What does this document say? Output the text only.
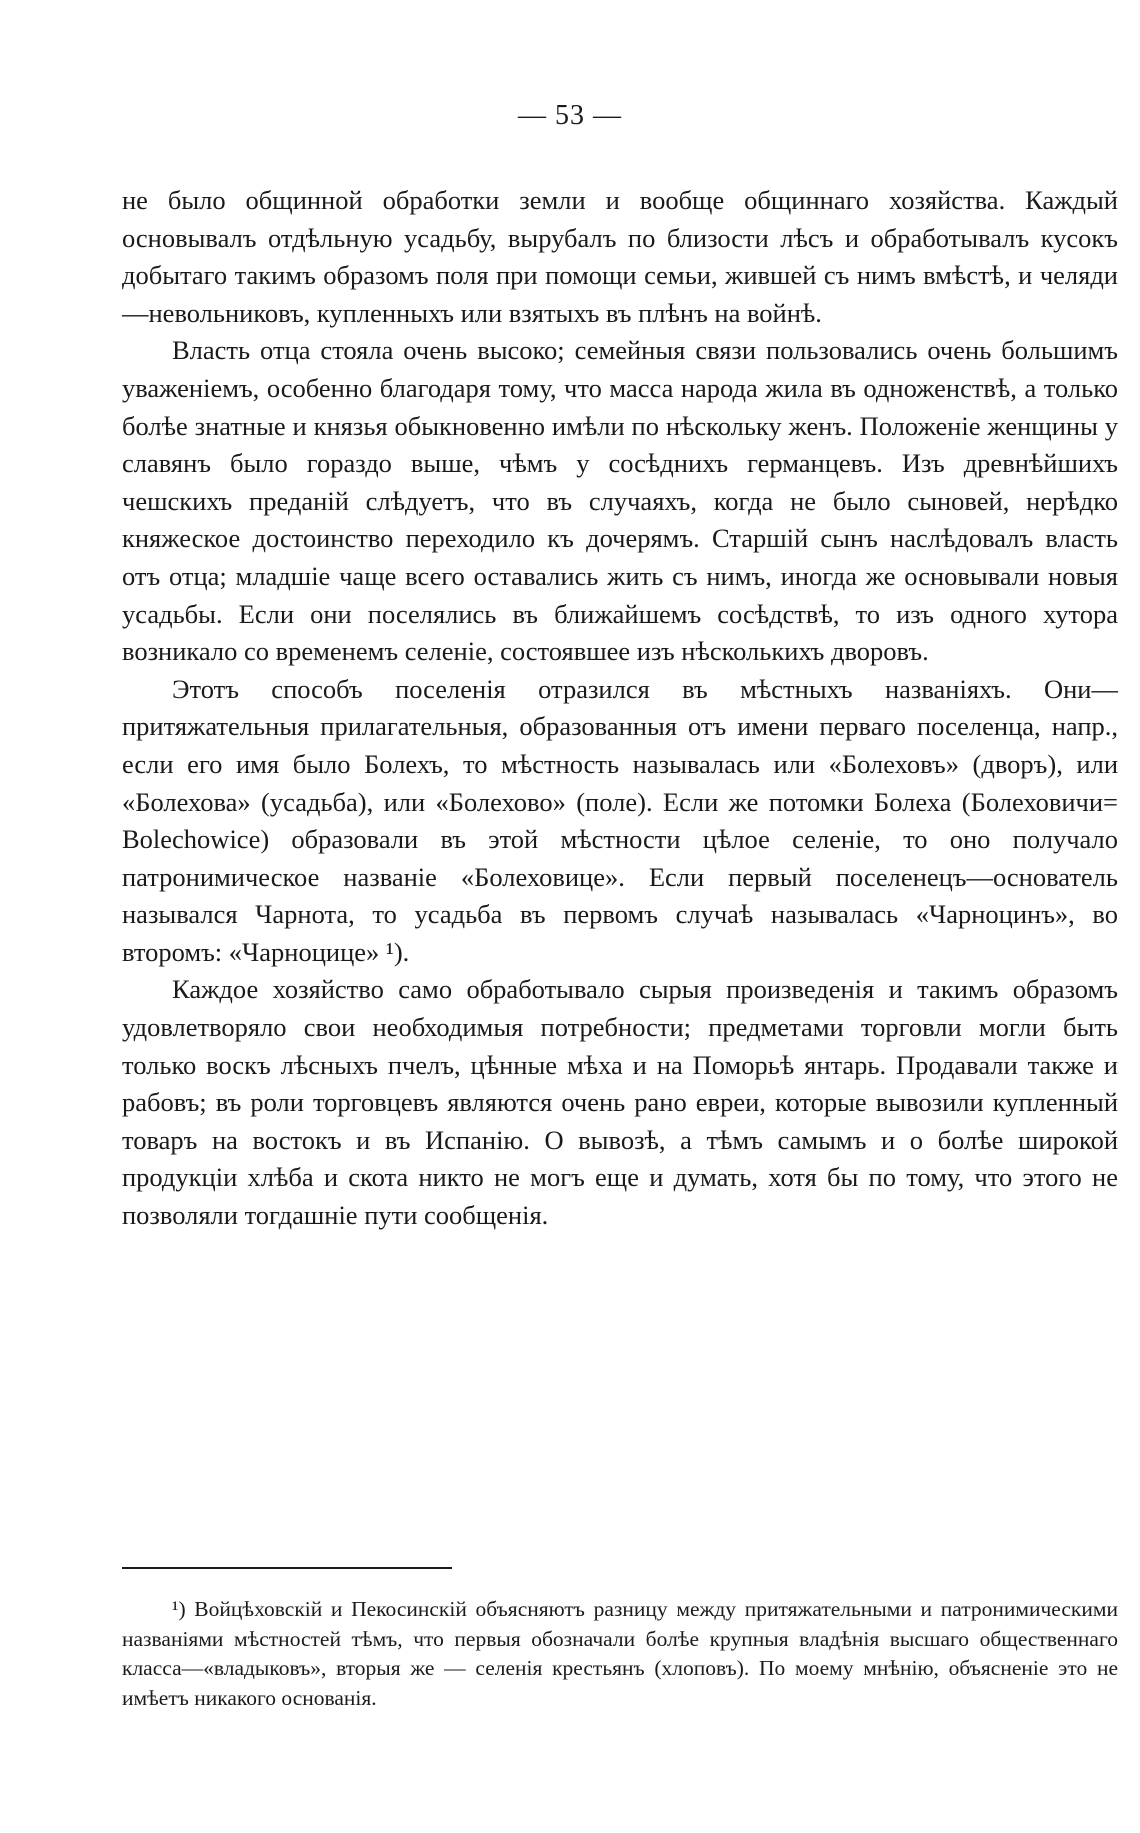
— 53 —

не было общинной обработки земли и вообще общиннаго хозяйства. Каждый основывалъ отдѣльную усадьбу, вырубалъ по близости лѣсъ и обработывалъ кусокъ добытаго такимъ образомъ поля при помощи семьи, жившей съ нимъ вмѣстѣ, и челяди—невольниковъ, купленныхъ или взятыхъ въ плѣнъ на войнѣ.

Власть отца стояла очень высоко; семейныя связи пользовались очень большимъ уваженіемъ, особенно благодаря тому, что масса народа жила въ одноженствѣ, а только болѣе знатные и князья обыкновенно имѣли по нѣскольку женъ. Положеніе женщины у славянъ было гораздо выше, чѣмъ у сосѣднихъ германцевъ. Изъ древнѣйшихъ чешскихъ преданій слѣдуетъ, что въ случаяхъ, когда не было сыновей, нерѣдко княжеское достоинство переходило къ дочерямъ. Старшій сынъ наслѣдовалъ власть отъ отца; младшіе чаще всего оставались жить съ нимъ, иногда же основывали новыя усадьбы. Если они поселялись въ ближайшемъ сосѣдствѣ, то изъ одного хутора возникало со временемъ селеніе, состоявшее изъ нѣсколькихъ дворовъ.

Этотъ способъ поселенія отразился въ мѣстныхъ названіяхъ. Они—притяжательныя прилагательныя, образованныя отъ имени перваго поселенца, напр., если его имя было Болехъ, то мѣстность называлась или «Болеховъ» (дворъ), или «Болехова» (усадьба), или «Болехово» (поле). Если же потомки Болеха (Болеховичи= Bolechowice) образовали въ этой мѣстности цѣлое селеніе, то оно получало патронимическое названіе «Болеховице». Если первый поселенецъ—основатель назывался Чарнота, то усадьба въ первомъ случаѣ называлась «Чарноцинъ», во второмъ: «Чарноцице» ¹).

Каждое хозяйство само обработывало сырыя произведенія и такимъ образомъ удовлетворяло свои необходимыя потребности; предметами торговли могли быть только воскъ лѣсныхъ пчелъ, цѣнные мѣха и на Поморьѣ янтарь. Продавали также и рабовъ; въ роли торговцевъ являются очень рано евреи, которые вывозили купленный товаръ на востокъ и въ Испанію. О вывозѣ, а тѣмъ самымъ и о болѣе широкой продукціи хлѣба и скота никто не могъ еще и думать, хотя бы по тому, что этого не позволяли тогдашніе пути сообщенія.

¹) Войцѣховскій и Пекосинскій объясняютъ разницу между притяжательными и патронимическими названіями мѣстностей тѣмъ, что первыя обозначали болѣе крупныя владѣнія высшаго общественнаго класса—«владыковъ», вторыя же — селенія крестьянъ (хлоповъ). По моему мнѣнію, объясненіе это не имѣетъ никакого основанія.
